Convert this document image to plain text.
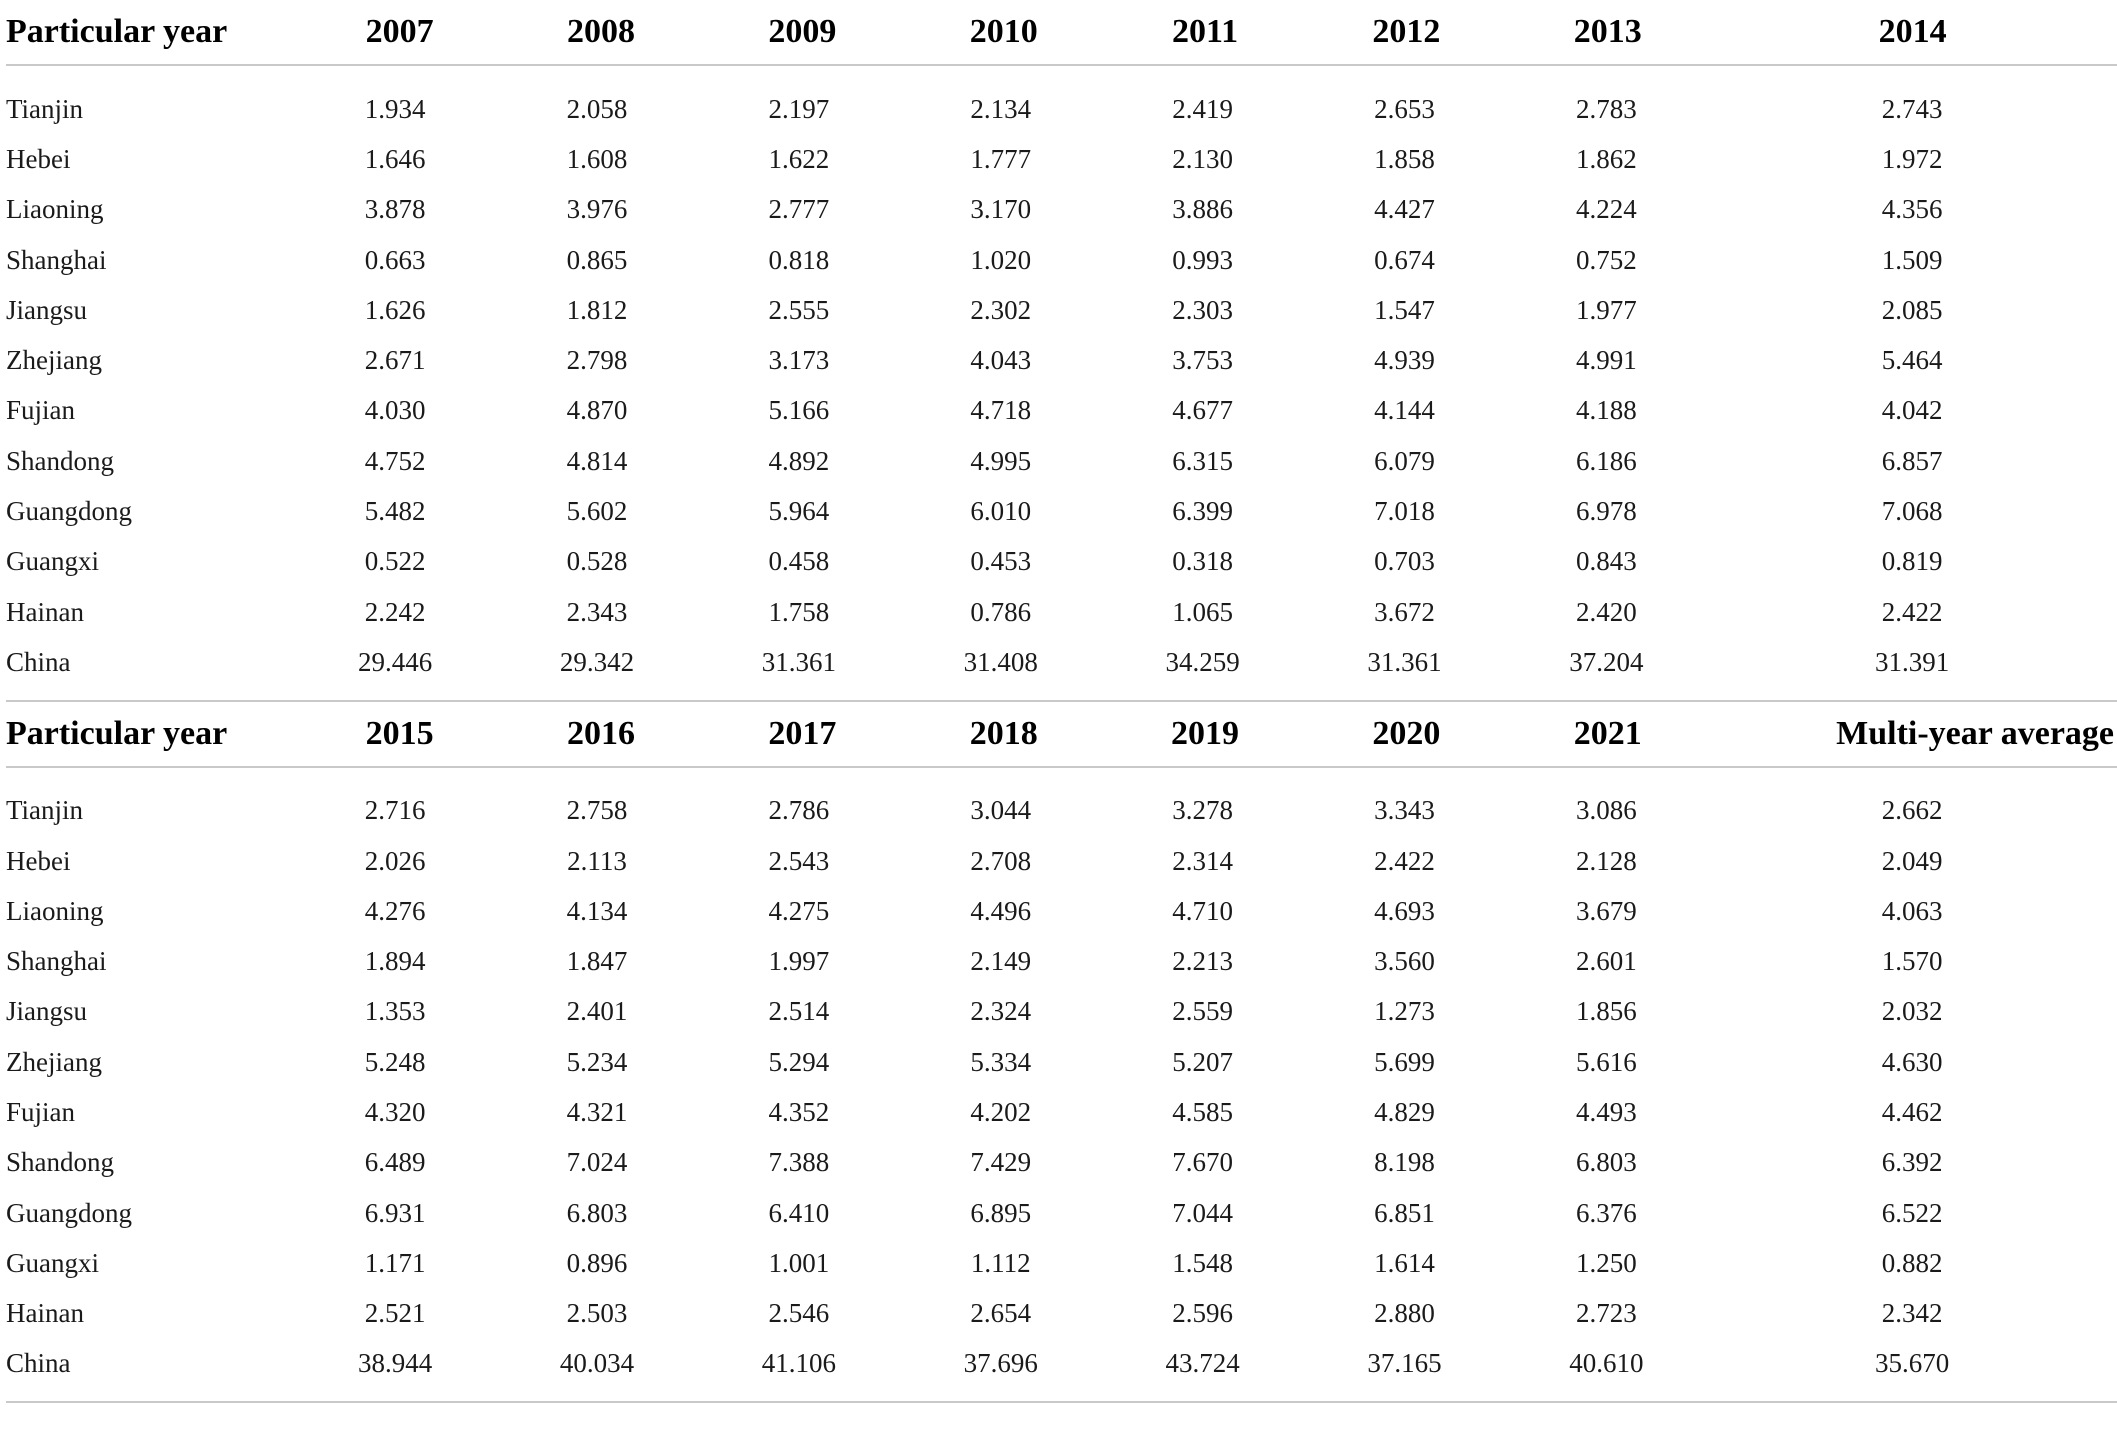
Particular year	2007	2008	2009	2010	2011	2012	2013	2014
Tianjin	1.934	2.058	2.197	2.134	2.419	2.653	2.783	2.743
Hebei	1.646	1.608	1.622	1.777	2.130	1.858	1.862	1.972
Liaoning	3.878	3.976	2.777	3.170	3.886	4.427	4.224	4.356
Shanghai	0.663	0.865	0.818	1.020	0.993	0.674	0.752	1.509
Jiangsu	1.626	1.812	2.555	2.302	2.303	1.547	1.977	2.085
Zhejiang	2.671	2.798	3.173	4.043	3.753	4.939	4.991	5.464
Fujian	4.030	4.870	5.166	4.718	4.677	4.144	4.188	4.042
Shandong	4.752	4.814	4.892	4.995	6.315	6.079	6.186	6.857
Guangdong	5.482	5.602	5.964	6.010	6.399	7.018	6.978	7.068
Guangxi	0.522	0.528	0.458	0.453	0.318	0.703	0.843	0.819
Hainan	2.242	2.343	1.758	0.786	1.065	3.672	2.420	2.422
China	29.446	29.342	31.361	31.408	34.259	31.361	37.204	31.391
Particular year	2015	2016	2017	2018	2019	2020	2021	Multi-year average
Tianjin	2.716	2.758	2.786	3.044	3.278	3.343	3.086	2.662
Hebei	2.026	2.113	2.543	2.708	2.314	2.422	2.128	2.049
Liaoning	4.276	4.134	4.275	4.496	4.710	4.693	3.679	4.063
Shanghai	1.894	1.847	1.997	2.149	2.213	3.560	2.601	1.570
Jiangsu	1.353	2.401	2.514	2.324	2.559	1.273	1.856	2.032
Zhejiang	5.248	5.234	5.294	5.334	5.207	5.699	5.616	4.630
Fujian	4.320	4.321	4.352	4.202	4.585	4.829	4.493	4.462
Shandong	6.489	7.024	7.388	7.429	7.670	8.198	6.803	6.392
Guangdong	6.931	6.803	6.410	6.895	7.044	6.851	6.376	6.522
Guangxi	1.171	0.896	1.001	1.112	1.548	1.614	1.250	0.882
Hainan	2.521	2.503	2.546	2.654	2.596	2.880	2.723	2.342
China	38.944	40.034	41.106	37.696	43.724	37.165	40.610	35.670
